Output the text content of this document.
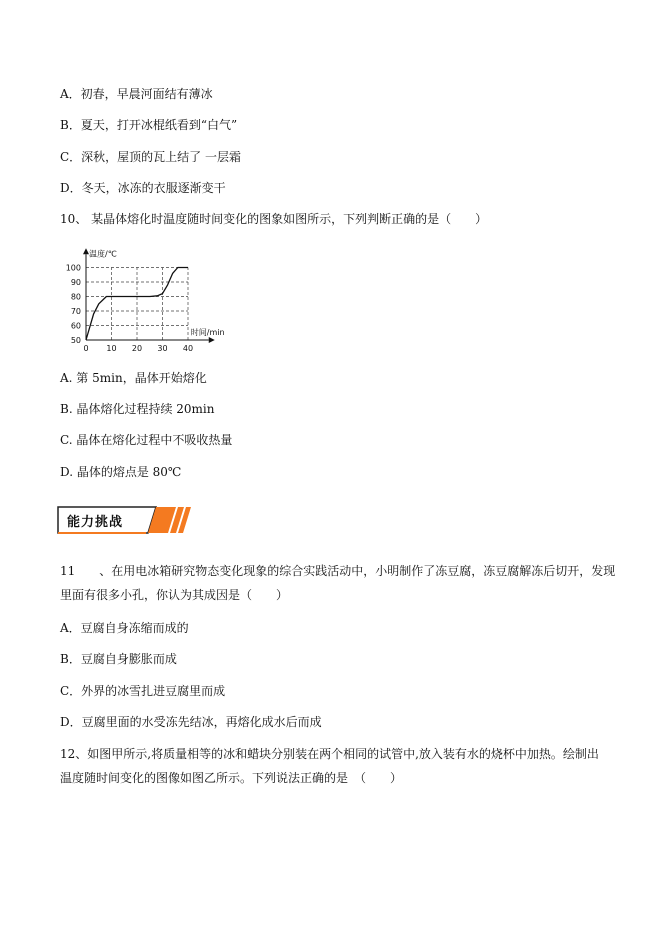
A．初春，早晨河面结有薄冰
B．夏天，打开冰棍纸看到“白气”
C．深秋，屋顶的瓦上结了 一层霜
D．冬天，冰冻的衣服逐渐变干
10、 某晶体熔化时温度随时间变化的图象如图所示，下列判断正确的是（　　）
50
60
70
80
90
100
0 10 20 30 40
温度/℃
时间/min
A. 第 5min，晶体开始熔化
B. 晶体熔化过程持续 20min
C. 晶体在熔化过程中不吸收热量
D. 晶体的熔点是 80℃
能力挑战
11　　、在用电冰箱研究物态变化现象的综合实践活动中，小明制作了冻豆腐，冻豆腐解冻后切开，发现
里面有很多小孔，你认为其成因是（　　）
A．豆腐自身冻缩而成的
B．豆腐自身膨胀而成
C．外界的冰雪扎进豆腐里而成
D．豆腐里面的水受冻先结冰，再熔化成水后而成
12、如图甲所示,将质量相等的冰和蜡块分别装在两个相同的试管中,放入装有水的烧杯中加热。绘制出温度随时间变化的图像如图乙所示。下列说法正确的是　（　　）
